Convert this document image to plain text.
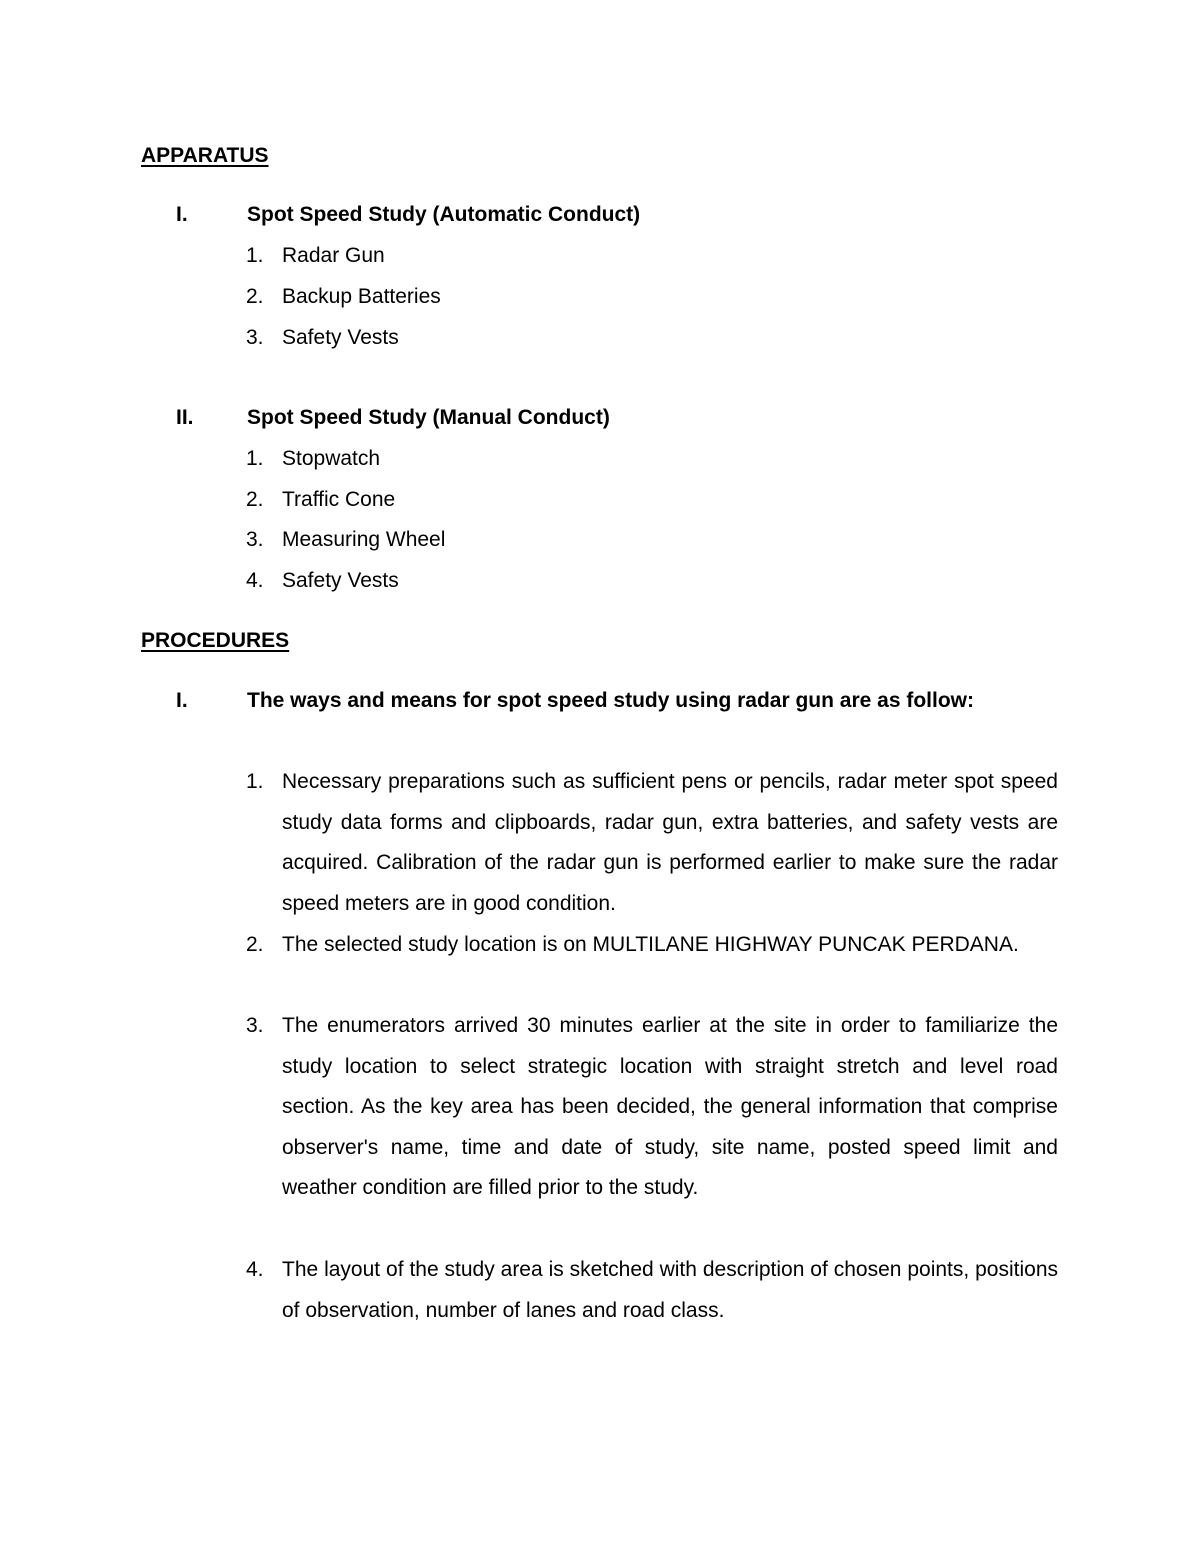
APPARATUS
I.	Spot Speed Study (Automatic Conduct)
1. Radar Gun
2. Backup Batteries
3. Safety Vests
II.	Spot Speed Study (Manual Conduct)
1. Stopwatch
2. Traffic Cone
3. Measuring Wheel
4. Safety Vests
PROCEDURES
I.	The ways and means for spot speed study using radar gun are as follow:
1. Necessary preparations such as sufficient pens or pencils, radar meter spot speed study data forms and clipboards, radar gun, extra batteries, and safety vests are acquired. Calibration of the radar gun is performed earlier to make sure the radar speed meters are in good condition.
2. The selected study location is on MULTILANE HIGHWAY PUNCAK PERDANA.
3. The enumerators arrived 30 minutes earlier at the site in order to familiarize the study location to select strategic location with straight stretch and level road section. As the key area has been decided, the general information that comprise observer's name, time and date of study, site name, posted speed limit and weather condition are filled prior to the study.
4. The layout of the study area is sketched with description of chosen points, positions of observation, number of lanes and road class.
